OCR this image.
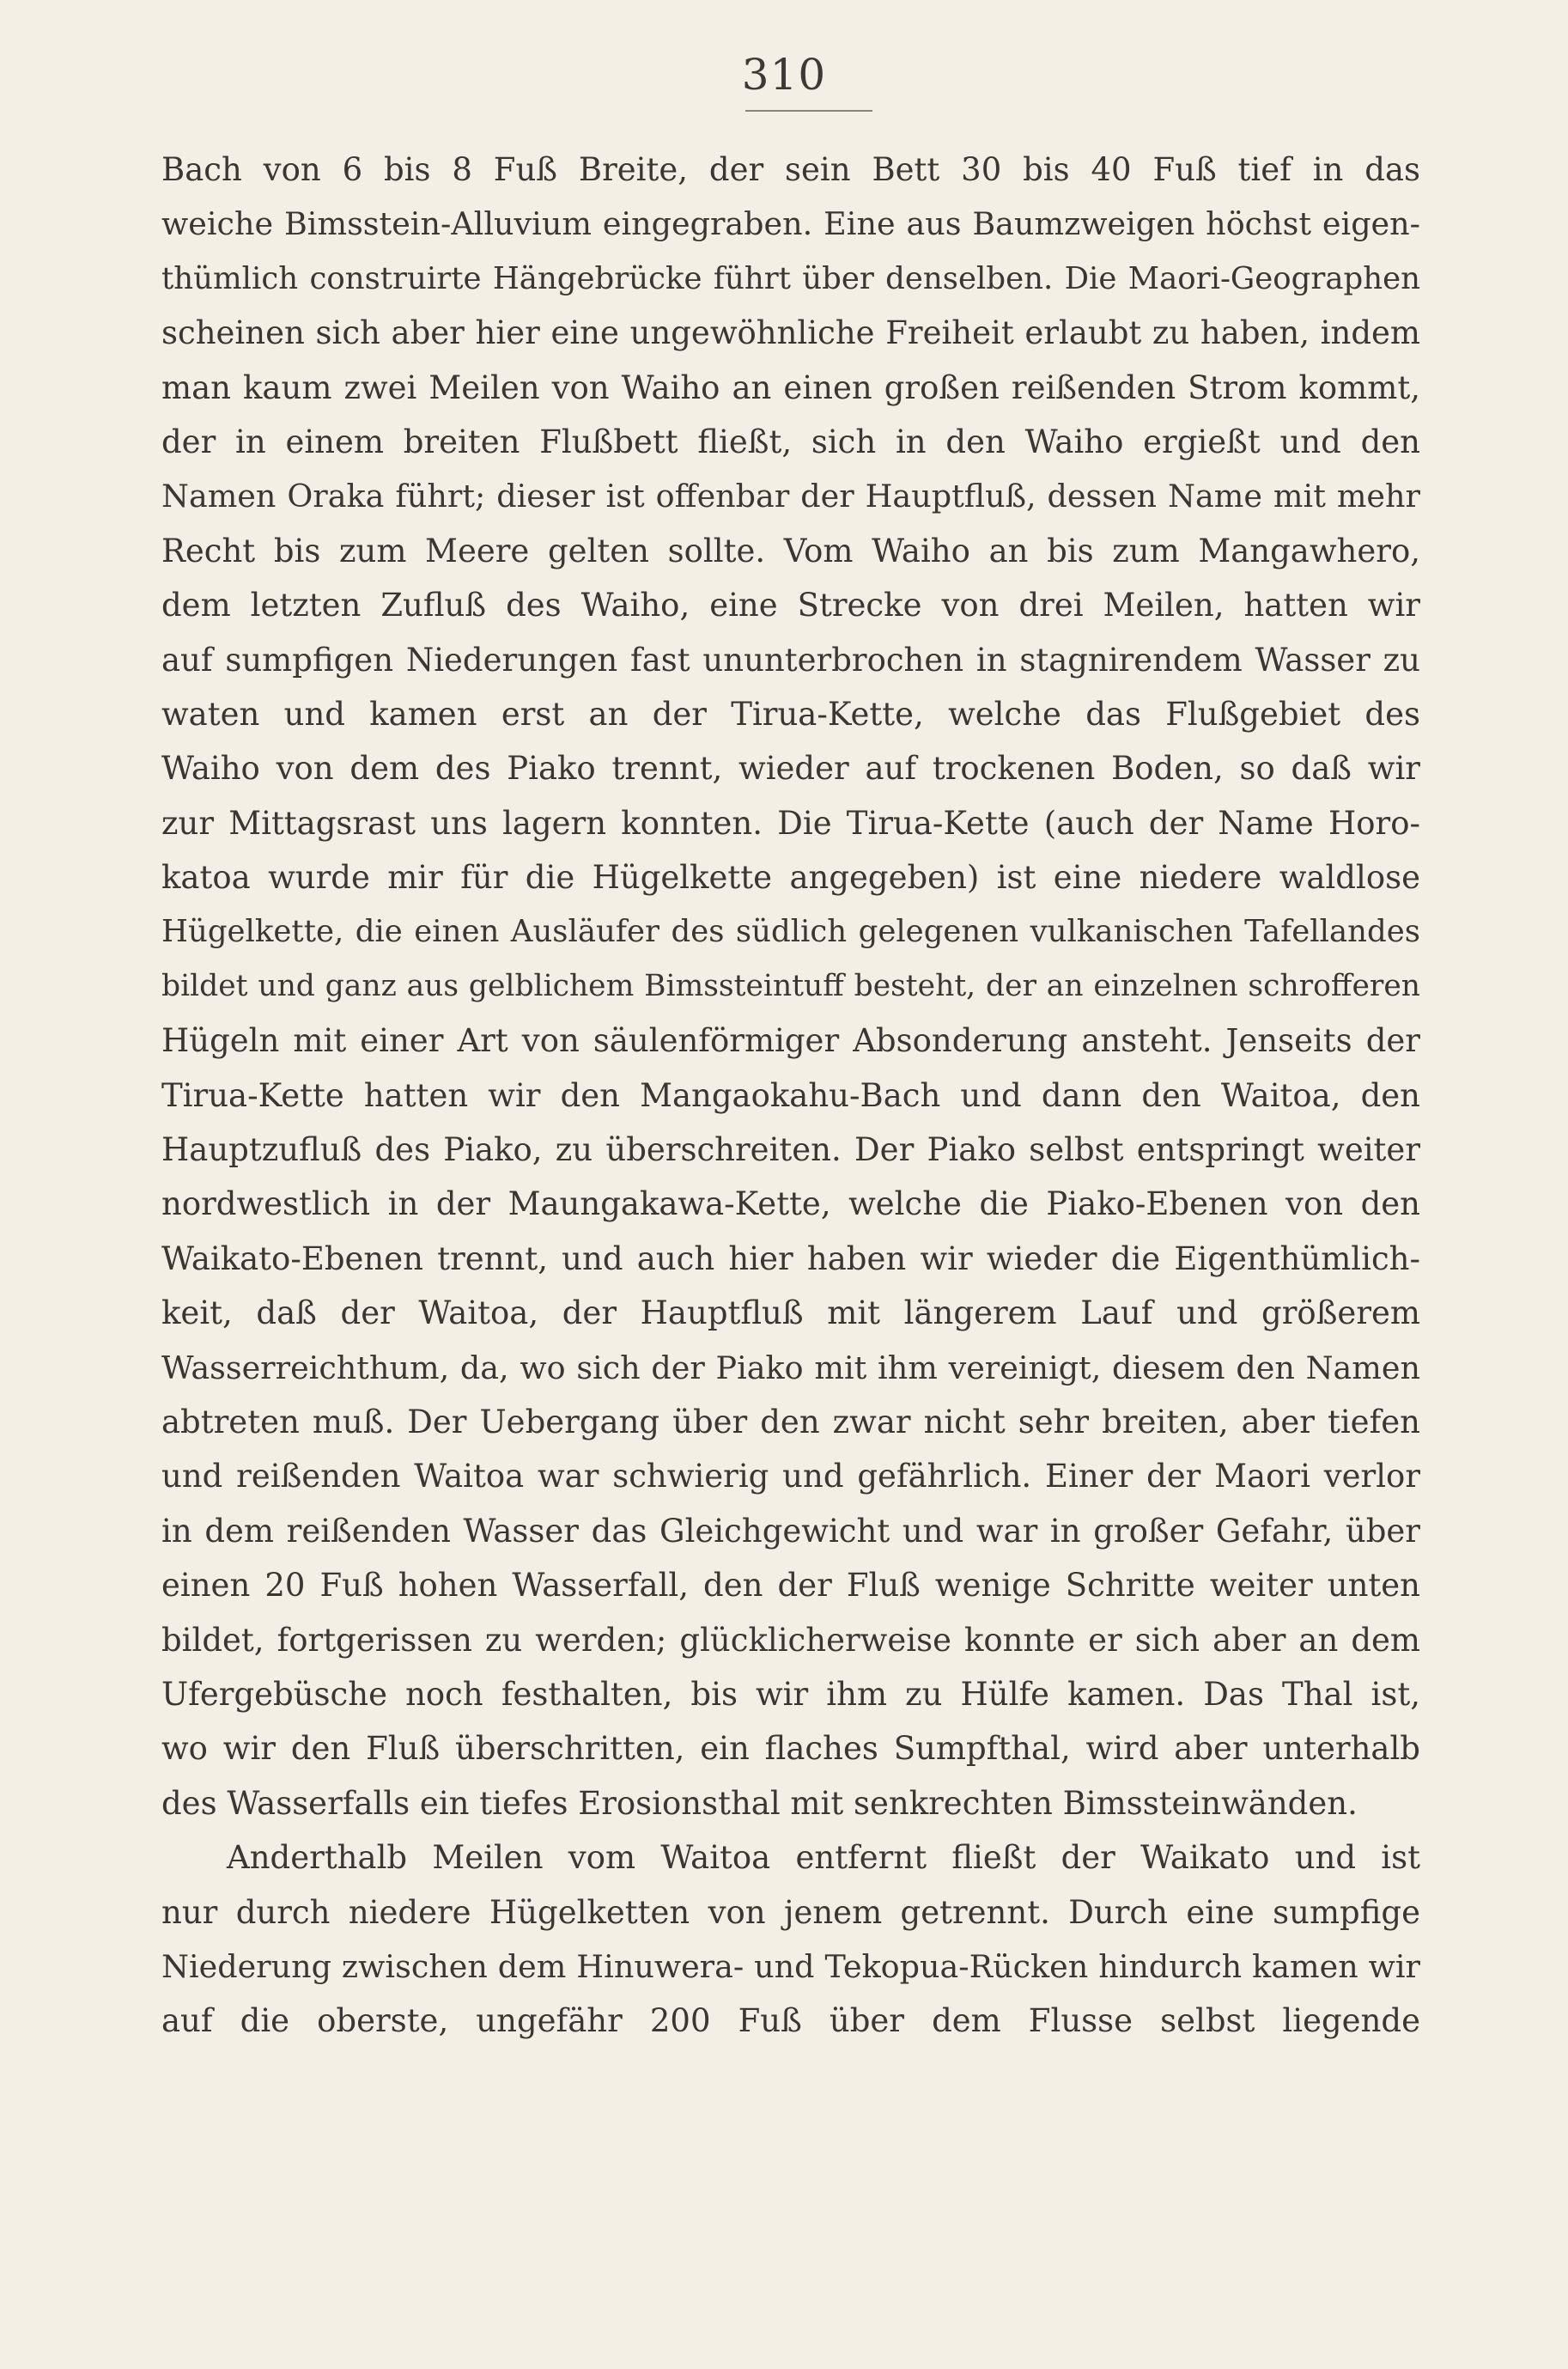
310
Bach von 6 bis 8 Fuß Breite, der sein Bett 30 bis 40 Fuß tief in das
weiche Bimsstein-Alluvium eingegraben. Eine aus Baumzweigen höchst eigen-
thümlich construirte Hängebrücke führt über denselben. Die Maori-Geographen
scheinen sich aber hier eine ungewöhnliche Freiheit erlaubt zu haben, indem
man kaum zwei Meilen von Waiho an einen großen reißenden Strom kommt,
der in einem breiten Flußbett fließt, sich in den Waiho ergießt und den
Namen Oraka führt; dieser ist offenbar der Hauptfluß, dessen Name mit mehr
Recht bis zum Meere gelten sollte. Vom Waiho an bis zum Mangawhero,
dem letzten Zufluß des Waiho, eine Strecke von drei Meilen, hatten wir
auf sumpfigen Niederungen fast ununterbrochen in stagnirendem Wasser zu
waten und kamen erst an der Tirua-Kette, welche das Flußgebiet des
Waiho von dem des Piako trennt, wieder auf trockenen Boden, so daß wir
zur Mittagsrast uns lagern konnten. Die Tirua-Kette (auch der Name Horo-
katoa wurde mir für die Hügelkette angegeben) ist eine niedere waldlose
Hügelkette, die einen Ausläufer des südlich gelegenen vulkanischen Tafellandes
bildet und ganz aus gelblichem Bimssteintuff besteht, der an einzelnen schrofferen
Hügeln mit einer Art von säulenförmiger Absonderung ansteht. Jenseits der
Tirua-Kette hatten wir den Mangaokahu-Bach und dann den Waitoa, den
Hauptzufluß des Piako, zu überschreiten. Der Piako selbst entspringt weiter
nordwestlich in der Maungakawa-Kette, welche die Piako-Ebenen von den
Waikato-Ebenen trennt, und auch hier haben wir wieder die Eigenthümlich-
keit, daß der Waitoa, der Hauptfluß mit längerem Lauf und größerem
Wasserreichthum, da, wo sich der Piako mit ihm vereinigt, diesem den Namen
abtreten muß. Der Uebergang über den zwar nicht sehr breiten, aber tiefen
und reißenden Waitoa war schwierig und gefährlich. Einer der Maori verlor
in dem reißenden Wasser das Gleichgewicht und war in großer Gefahr, über
einen 20 Fuß hohen Wasserfall, den der Fluß wenige Schritte weiter unten
bildet, fortgerissen zu werden; glücklicherweise konnte er sich aber an dem
Ufergebüsche noch festhalten, bis wir ihm zu Hülfe kamen. Das Thal ist,
wo wir den Fluß überschritten, ein flaches Sumpfthal, wird aber unterhalb
des Wasserfalls ein tiefes Erosionsthal mit senkrechten Bimssteinwänden.
Anderthalb Meilen vom Waitoa entfernt fließt der Waikato und ist
nur durch niedere Hügelketten von jenem getrennt. Durch eine sumpfige
Niederung zwischen dem Hinuwera- und Tekopua-Rücken hindurch kamen wir
auf die oberste, ungefähr 200 Fuß über dem Flusse selbst liegende
